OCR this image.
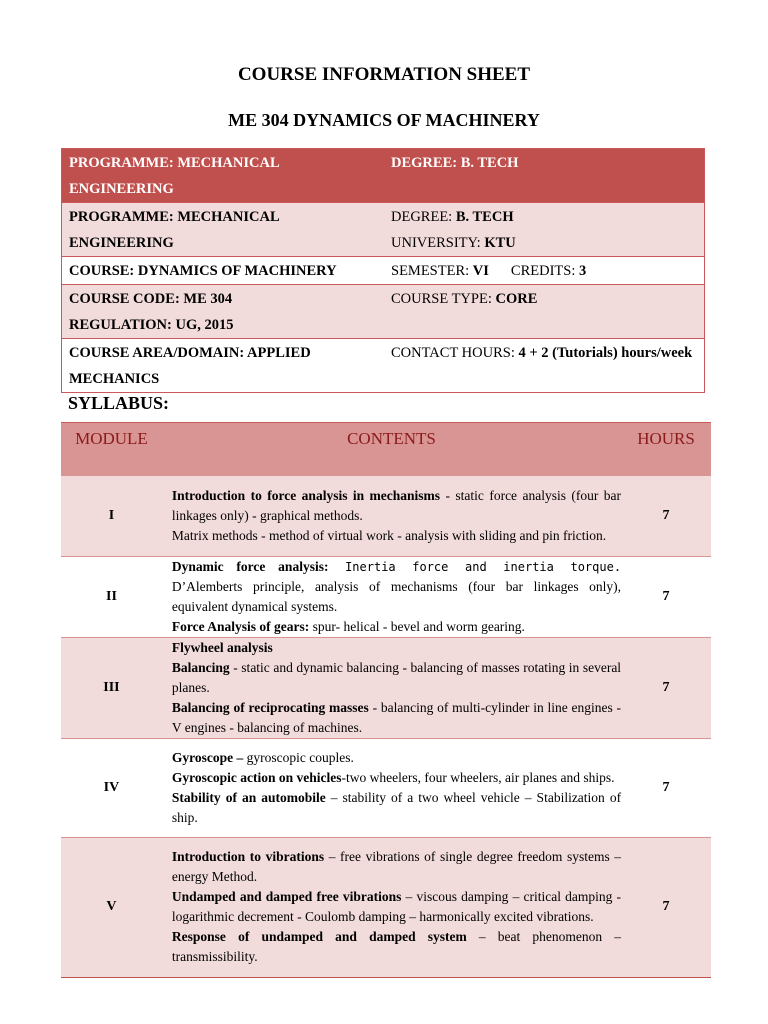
COURSE INFORMATION SHEET
ME 304 DYNAMICS OF MACHINERY
PROGRAMME: MECHANICAL ENGINEERING	DEGREE: B. TECH
PROGRAMME: MECHANICAL ENGINEERING	DEGREE: B. TECH
UNIVERSITY: KTU
COURSE: DYNAMICS OF MACHINERY	SEMESTER: VI CREDITS: 3
COURSE CODE: ME 304
REGULATION: UG, 2015	COURSE TYPE: CORE
COURSE AREA/DOMAIN: APPLIED MECHANICS	CONTACT HOURS: 4 + 2 (Tutorials) hours/week
SYLLABUS:
MODULE	CONTENTS	HOURS
I	Introduction to force analysis in mechanisms - static force analysis (four bar linkages only) - graphical methods.
Matrix methods - method of virtual work - analysis with sliding and pin friction.	7
II	Dynamic force analysis: Inertia force and inertia torque. D’Alemberts principle, analysis of mechanisms (four bar linkages only), equivalent dynamical systems.
Force Analysis of gears: spur- helical - bevel and worm gearing.	7
III	Flywheel analysis
Balancing - static and dynamic balancing - balancing of masses rotating in several planes.
Balancing of reciprocating masses - balancing of multi-cylinder in line engines - V engines - balancing of machines.	7
IV	Gyroscope – gyroscopic couples.
Gyroscopic action on vehicles-two wheelers, four wheelers, air planes and ships.
Stability of an automobile – stability of a two wheel vehicle – Stabilization of ship.	7
V	Introduction to vibrations – free vibrations of single degree freedom systems – energy Method.
Undamped and damped free vibrations – viscous damping – critical damping - logarithmic decrement - Coulomb damping – harmonically excited vibrations.
Response of undamped and damped system – beat phenomenon – transmissibility.	7
